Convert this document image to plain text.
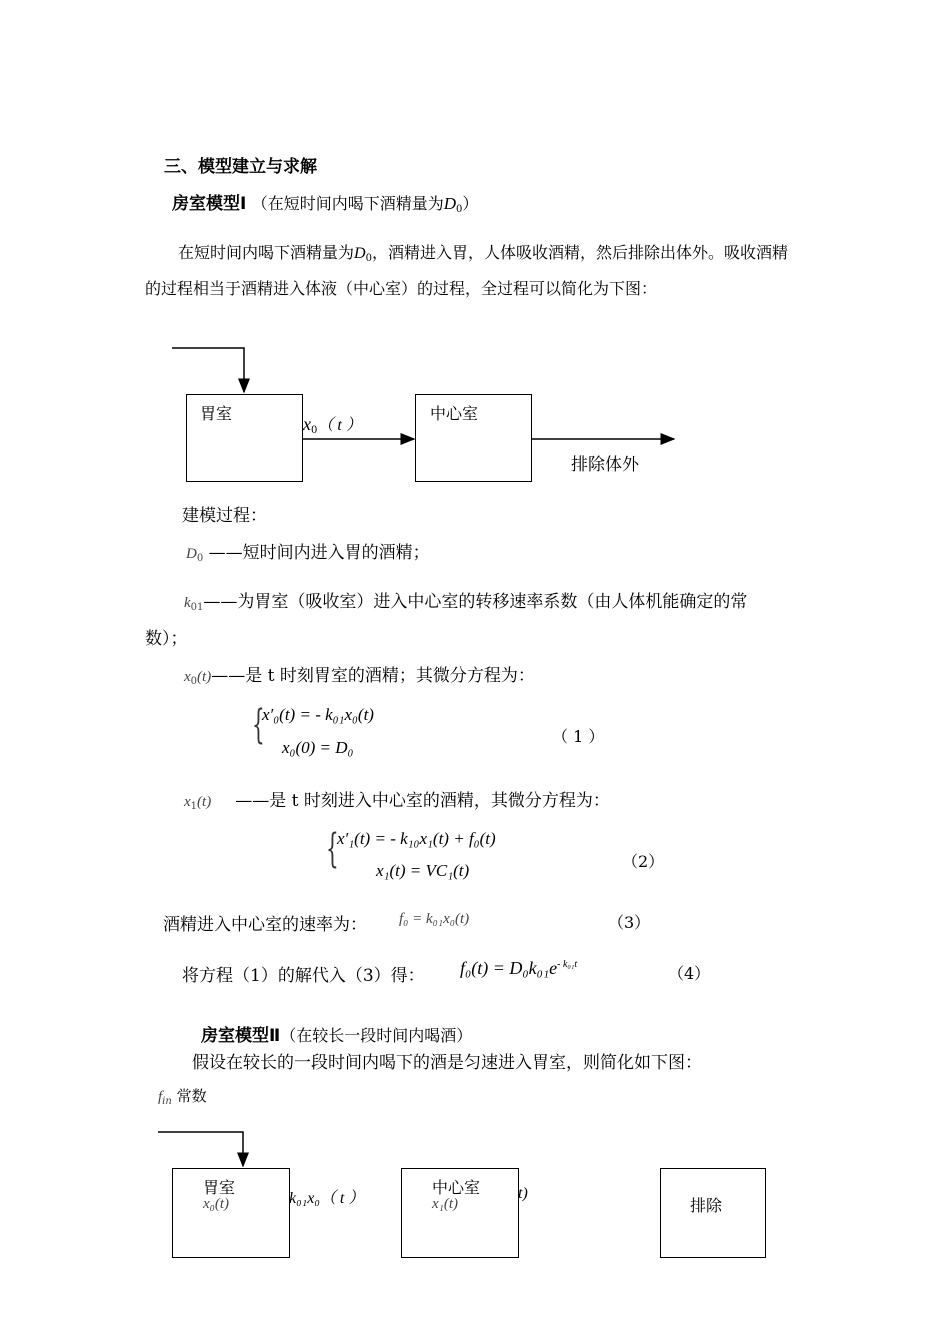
三、模型建立与求解
房室模型Ⅰ （在短时间内喝下酒精量为D0）
在短时间内喝下酒精量为D0，酒精进入胃，人体吸收酒精，然后排除出体外。吸收酒精
的过程相当于酒精进入体液（中心室）的过程，全过程可以简化为下图：
胃室
$x_0$（ t ）
中心室
排除体外
建模过程：
$D_0$ ——短时间内进入胃的酒精；
$k_{01}——$为胃室（吸收室）进入中心室的转移速率系数（由人体机能确定的常
数）；
$x_0(t)——$是 t 时刻胃室的酒精；其微分方程为：
{
x′₀(t) = - k₀₁x₀(t)
x₀(0) = D₀
（ 1 ）
$x_1(t)$ ——是 t 时刻进入中心室的酒精，其微分方程为：
{
x′₁(t) = - k₁₀x₁(t) + f₀(t)
x₁(t) = VC₁(t)	（2）
酒精进入中心室的速率为： f₀ = k₀₁x₀(t)	（3）
将方程（1）的解代入（3）得： $f_0(t) = D_0k_{01}e^{- k_{01}t}$	（4）
房室模型Ⅱ（在较长一段时间内喝酒）
假设在较长的一段时间内喝下的酒是匀速进入胃室，则简化如下图：
$f_{in}$ 常数
胃室
x₀(t)	k₀₁x₀（ t ）
中心室
x₁(t)
t)
排除
